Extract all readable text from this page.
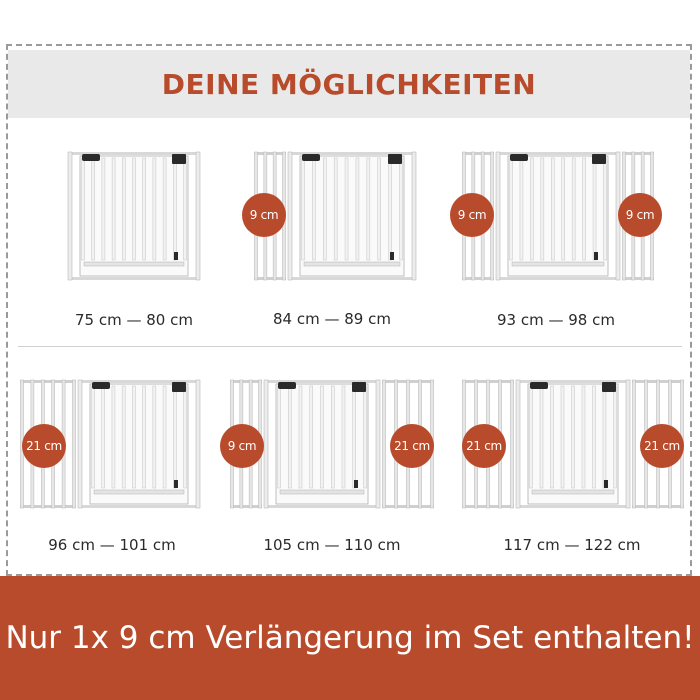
DEINE MÖGLICHKEITEN
9 cm	9 cm	9 cm
21 cm	9 cm	21 cm	21 cm	21 cm
75 cm — 80 cm	84 cm — 89 cm	93 cm — 98 cm
96 cm — 101 cm	105 cm — 110 cm	117 cm — 122 cm
Nur 1x 9 cm Verlängerung im Set enthalten!
